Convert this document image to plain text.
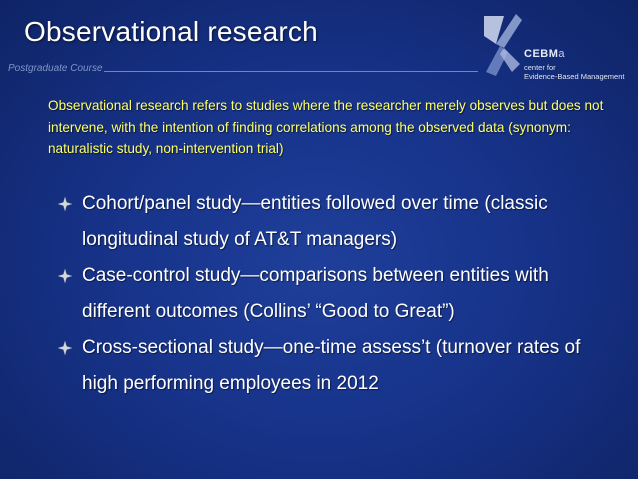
Observational research
Postgraduate Course
CEBMa
center for
Evidence-Based Management
Observational research refers to studies where the researcher merely observes but does not intervene, with the intention of finding correlations among the observed data (synonym: naturalistic study, non-intervention trial)
Cohort/panel study—entities followed over time (classic longitudinal study of AT&T managers)
Case-control study—comparisons between entities with different outcomes (Collins’ “Good to Great”)
Cross-sectional study—one-time assess’t (turnover rates of high performing employees in 2012
